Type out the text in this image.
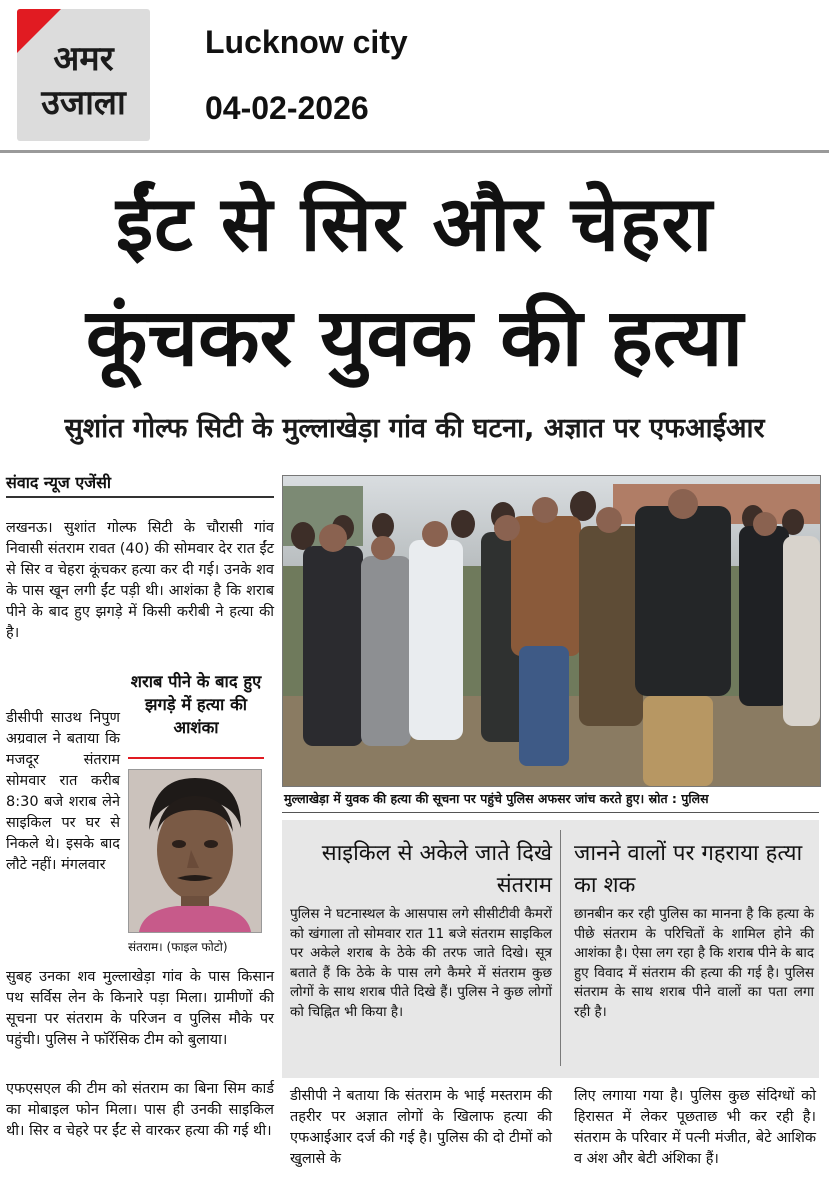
अमर
उजाला
Lucknow city
04-02-2026
ईंट से सिर और चेहरा
कूंचकर युवक की हत्या
सुशांत गोल्फ सिटी के मुल्लाखेड़ा गांव की घटना, अज्ञात पर एफआईआर
संवाद न्यूज एजेंसी
लखनऊ। सुशांत गोल्फ सिटी के चौरासी गांव निवासी संतराम रावत (40) की सोमवार देर रात ईंट से सिर व चेहरा कूंचकर हत्या कर दी गई। उनके शव के पास खून लगी ईंट पड़ी थी। आशंका है कि शराब पीने के बाद हुए झगड़े में किसी करीबी ने हत्या की है।
डीसीपी साउथ निपुण अग्रवाल ने बताया कि मजदूर संतराम सोमवार रात करीब 8:30 बजे शराब लेने साइकिल पर घर से निकले थे। इसके बाद लौटे नहीं। मंगलवार
सुबह उनका शव मुल्लाखेड़ा गांव के पास किसान पथ सर्विस लेन के किनारे पड़ा मिला। ग्रामीणों की सूचना पर संतराम के परिजन व पुलिस मौके पर पहुंची। पुलिस ने फॉरेंसिक टीम को बुलाया।
एफएसएल की टीम को संतराम का बिना सिम कार्ड का मोबाइल फोन मिला। पास ही उनकी साइकिल थी। सिर व चेहरे पर ईंट से वारकर हत्या की गई थी।
शराब पीने के बाद हुए झगड़े में हत्या की आशंका
संतराम। (फाइल फोटो)
मुल्लाखेड़ा में युवक की हत्या की सूचना पर पहुंचे पुलिस अफसर जांच करते हुए। स्रोत : पुलिस
साइकिल से अकेले जाते दिखे संतराम
पुलिस ने घटनास्थल के आसपास लगे सीसीटीवी कैमरों को खंगाला तो सोमवार रात 11 बजे संतराम साइकिल पर अकेले शराब के ठेके की तरफ जाते दिखे। सूत्र बताते हैं कि ठेके के पास लगे कैमरे में संतराम कुछ लोगों के साथ शराब पीते दिखे हैं। पुलिस ने कुछ लोगों को चिह्नित भी किया है।
जानने वालों पर गहराया हत्या का शक
छानबीन कर रही पुलिस का मानना है कि हत्या के पीछे संतराम के परिचितों के शामिल होने की आशंका है। ऐसा लग रहा है कि शराब पीने के बाद हुए विवाद में संतराम की हत्या की गई है। पुलिस संतराम के साथ शराब पीने वालों का पता लगा रही है।
डीसीपी ने बताया कि संतराम के भाई मस्तराम की तहरीर पर अज्ञात लोगों के खिलाफ हत्या की एफआईआर दर्ज की गई है। पुलिस की दो टीमों को खुलासे के
लिए लगाया गया है। पुलिस कुछ संदिग्धों को हिरासत में लेकर पूछताछ भी कर रही है। संतराम के परिवार में पत्नी मंजीत, बेटे आशिक व अंश और बेटी अंशिका हैं।
